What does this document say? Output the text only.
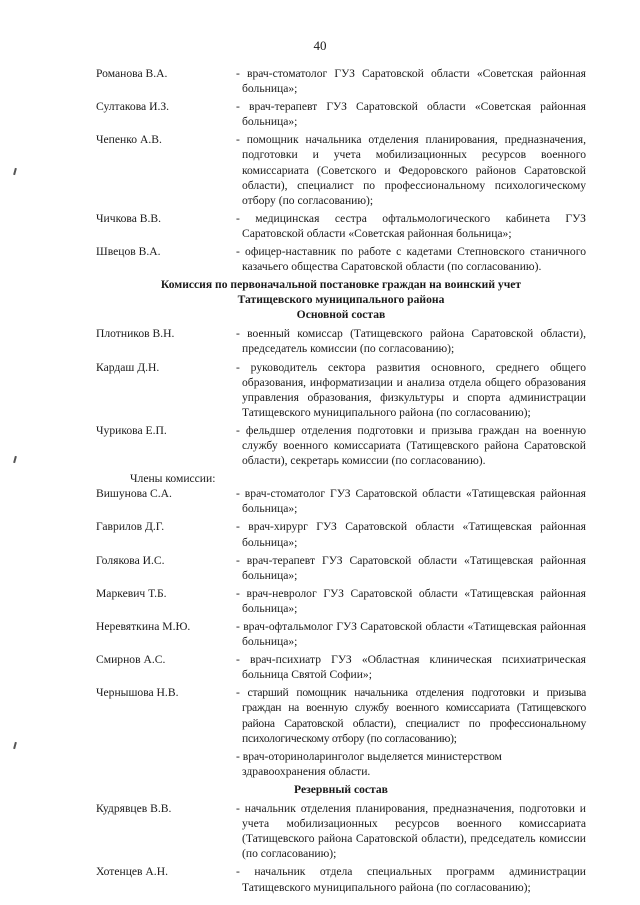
40
Романова В.А.	- врач-стоматолог ГУЗ Саратовской области «Советская районная больница»;
Султакова И.З.	- врач-терапевт ГУЗ Саратовской области «Советская районная больница»;
Чепенко А.В.	- помощник начальника отделения планирования, предназначения, подготовки и учета мобилизационных ресурсов военного комиссариата (Советского и Федоровского районов Саратовской области), специалист по профессиональному психологическому отбору (по согласованию);
Чичкова В.В.	- медицинская сестра офтальмологического кабинета ГУЗ Саратовской области «Советская районная больница»;
Швецов В.А.	- офицер-наставник по работе с кадетами Степновского станичного казачьего общества Саратовской области (по согласованию).
Комиссия по первоначальной постановке граждан на воинский учет
Татищевского муниципального района
Основной состав
Плотников В.Н.	- военный комиссар (Татищевского района Саратовской области), председатель комиссии (по согласованию);
Кардаш Д.Н.	- руководитель сектора развития основного, среднего общего образования, информатизации и анализа отдела общего образования управления образования, физкультуры и спорта администрации Татищевского муниципального района (по согласованию);
Чурикова Е.П.	- фельдшер отделения подготовки и призыва граждан на военную службу военного комиссариата (Татищевского района Саратовской области), секретарь комиссии (по согласованию).
Члены комиссии:
Вишунова С.А.	- врач-стоматолог ГУЗ Саратовской области «Татищевская районная больница»;
Гаврилов Д.Г.	- врач-хирург ГУЗ Саратовской области «Татищевская районная больница»;
Голякова И.С.	- врач-терапевт ГУЗ Саратовской области «Татищевская районная больница»;
Маркевич Т.Б.	- врач-невролог ГУЗ Саратовской области «Татищевская районная больница»;
Неревяткина М.Ю.	- врач-офтальмолог ГУЗ Саратовской области «Татищевская районная больница»;
Смирнов А.С.	- врач-психиатр ГУЗ «Областная клиническая психиатрическая больница Святой Софии»;
Чернышова Н.В.	- старший помощник начальника отделения подготовки и призыва граждан на военную службу военного комиссариата (Татищевского района Саратовской области), специалист по профессиональному психологическому отбору (по согласованию);
- врач-оториноларинголог выделяется министерством здравоохранения области.
Резервный состав
Кудрявцев В.В.	- начальник отделения планирования, предназначения, подготовки и учета мобилизационных ресурсов военного комиссариата (Татищевского района Саратовской области), председатель комиссии (по согласованию);
Хотенцев А.Н.	- начальник отдела специальных программ администрации Татищевского муниципального района (по согласованию);
